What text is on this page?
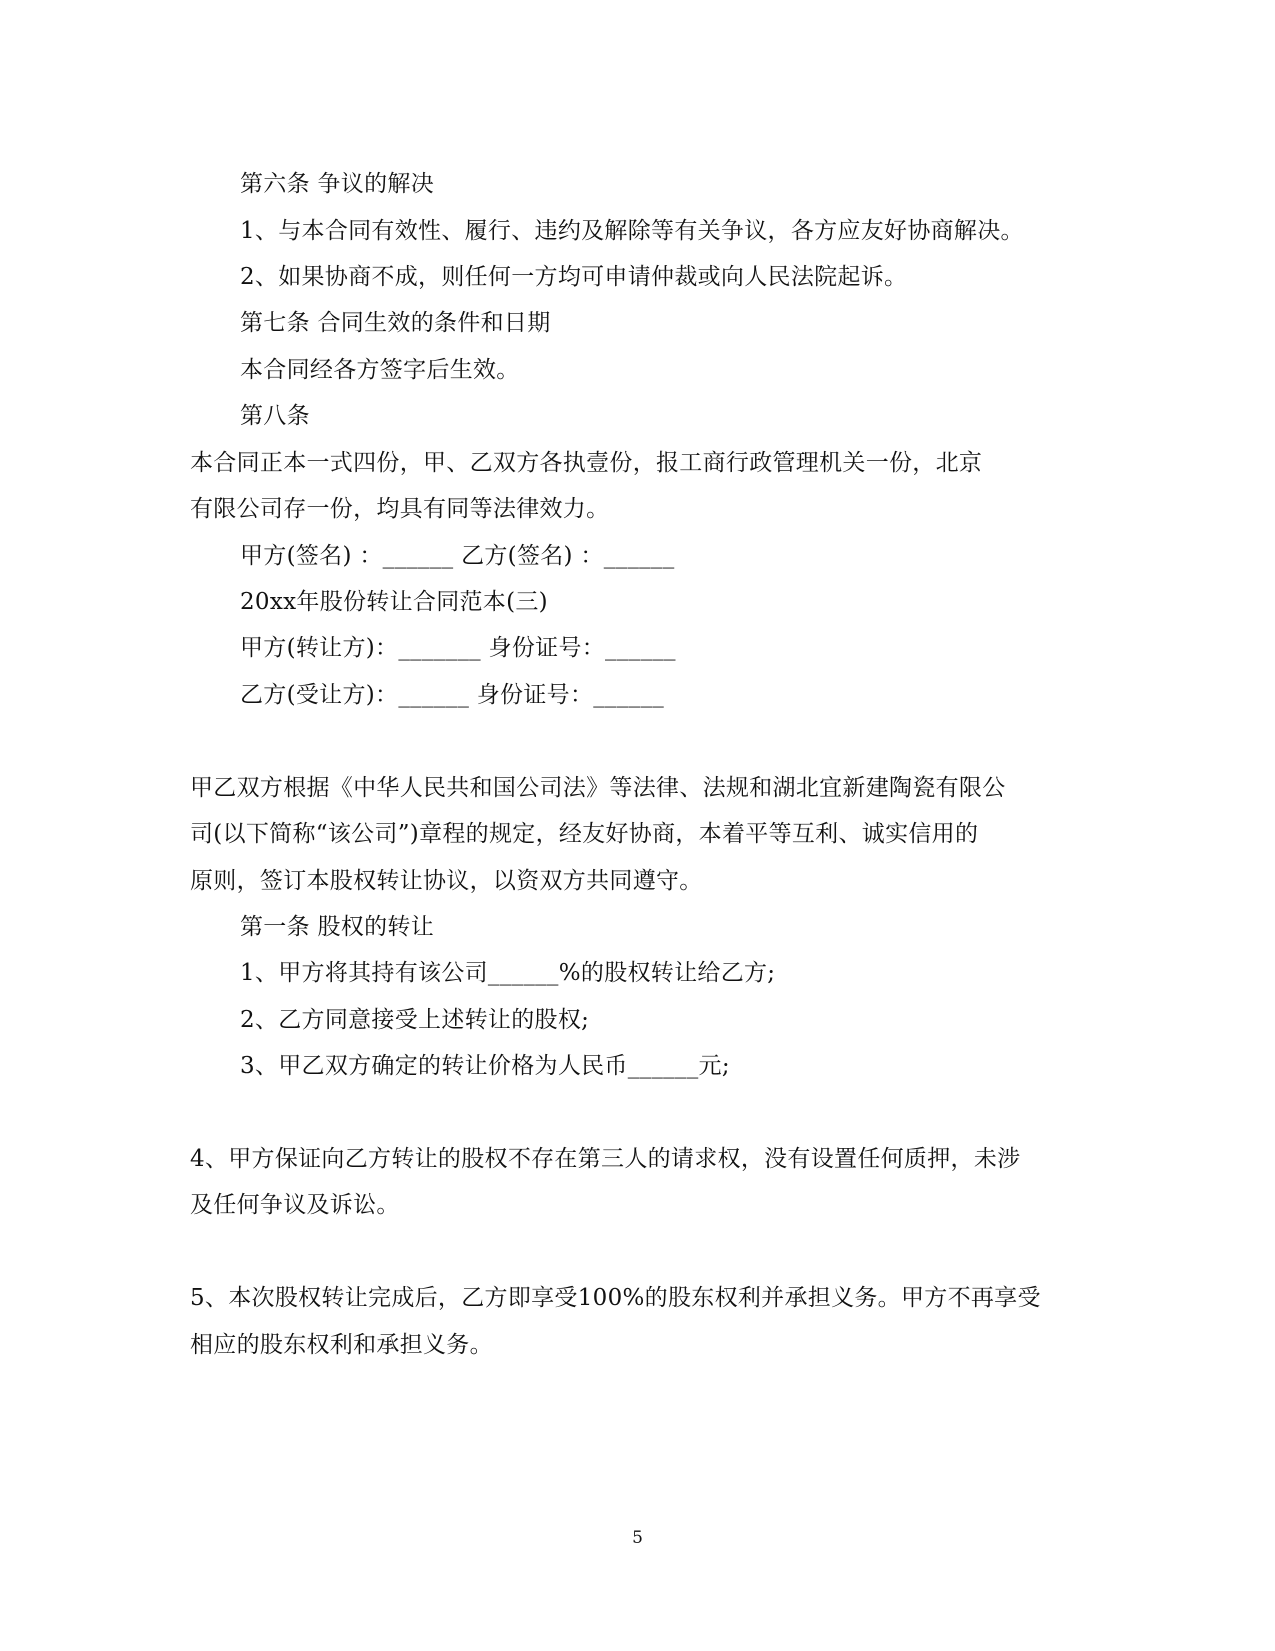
第六条 争议的解决
1、与本合同有效性、履行、违约及解除等有关争议，各方应友好协商解决。
2、如果协商不成，则任何一方均可申请仲裁或向人民法院起诉。
第七条 合同生效的条件和日期
本合同经各方签字后生效。
第八条
本合同正本一式四份，甲、乙双方各执壹份，报工商行政管理机关一份，北京
有限公司存一份，均具有同等法律效力。
甲方(签名) ：______ 乙方(签名) ：______
20xx年股份转让合同范本(三)
甲方(转让方)：_______ 身份证号：______
乙方(受让方)：______ 身份证号：______
甲乙双方根据《中华人民共和国公司法》等法律、法规和湖北宜新建陶瓷有限公
司(以下简称“该公司”)章程的规定，经友好协商，本着平等互利、诚实信用的
原则，签订本股权转让协议，以资双方共同遵守。
第一条 股权的转让
1、甲方将其持有该公司______%的股权转让给乙方;
2、乙方同意接受上述转让的股权;
3、甲乙双方确定的转让价格为人民币______元;
4、甲方保证向乙方转让的股权不存在第三人的请求权，没有设置任何质押，未涉
及任何争议及诉讼。
5、本次股权转让完成后，乙方即享受100%的股东权利并承担义务。甲方不再享受
相应的股东权利和承担义务。
5
